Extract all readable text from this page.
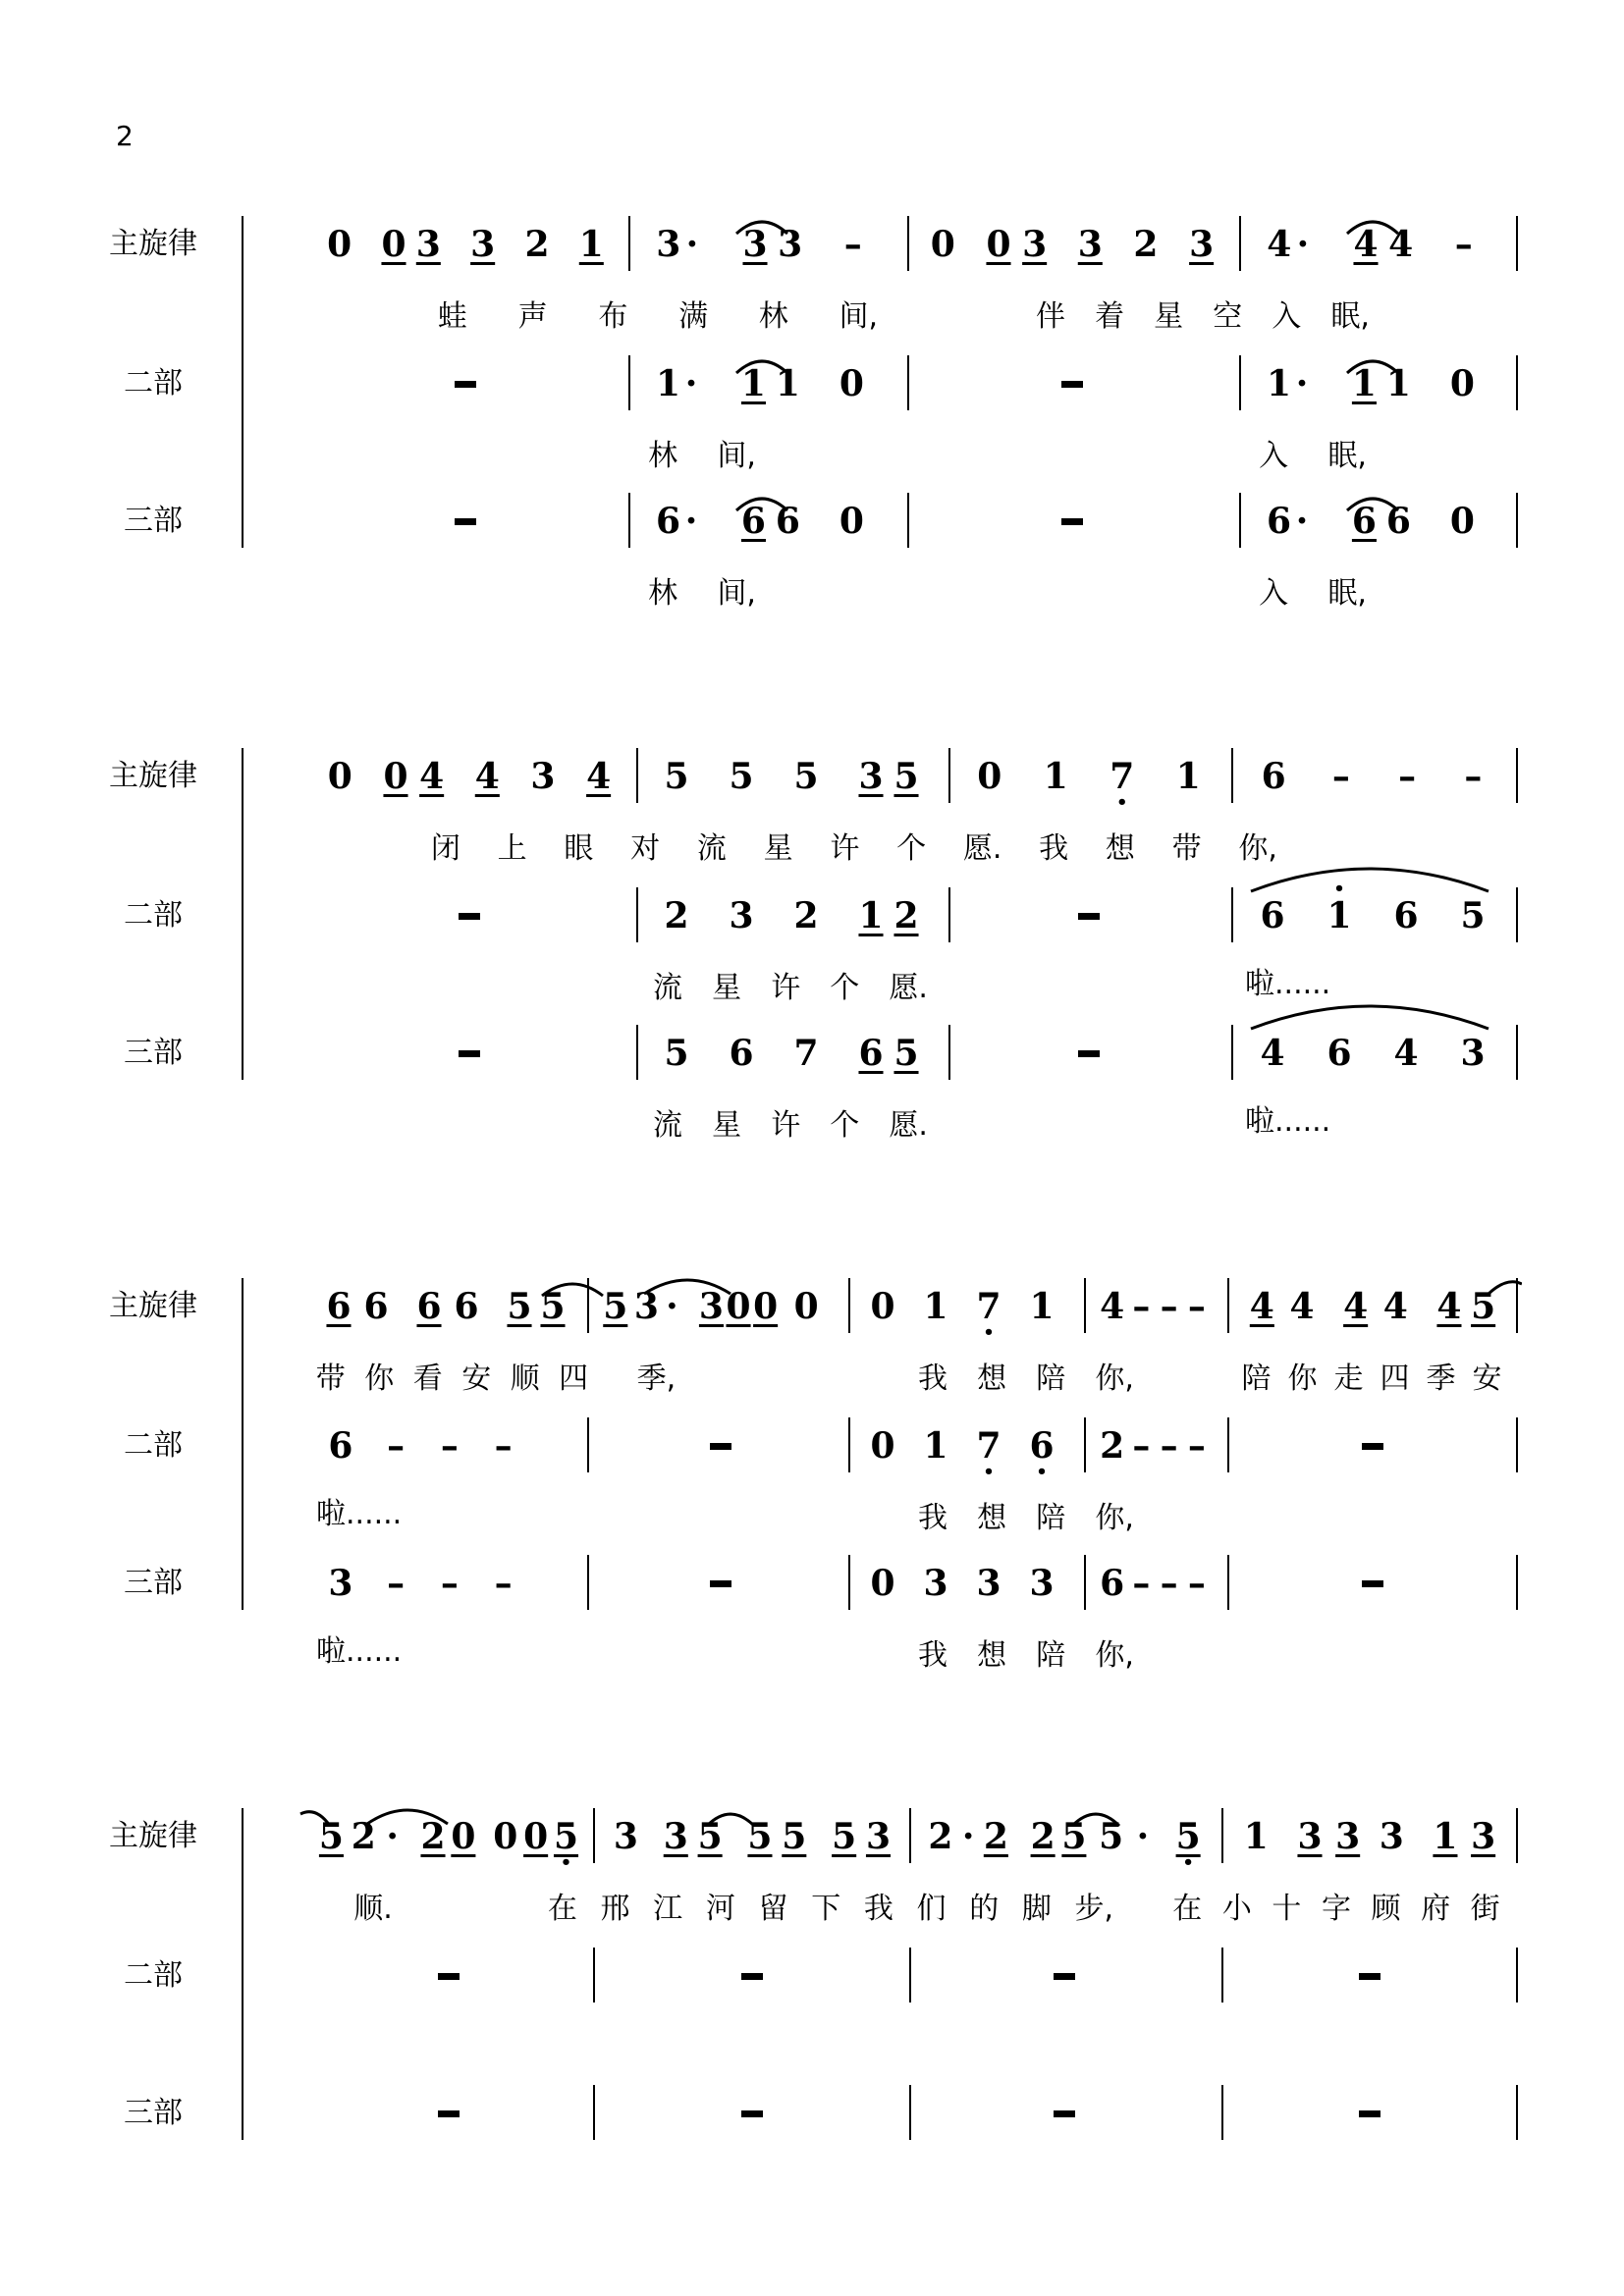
2
主旋律	0 0 3 3 2 1 3 · 3 3 – 0 0 3 3 2 3 4 · 4 4 –
蛙 声 布 满 林 间,	伴 着 星 空 入 眠,
二部	1 · 1 1 0	1 · 1 1 0
林 间,	入 眠,
三部	6 · 6 6 0	6 · 6 6 0
林 间,	入 眠,
主旋律	0 0 4 4 3 4 5 5 5 3 5 0 1 7
• 1 6 – – –
闭 上 眼 对 流 星 许 个 愿. 我 想 带 你,
二部	2 3 2 1 2	6
• 1 6 5
流 星 许 个 愿.	啦......
三部	5 6 7 6 5	4 6 4 3
流 星 许 个 愿.	啦......
主旋律	6 6 6 6 5 5 5 3 · 3 0 0 0 0 1 7
• 1 4 – – – 4 4 4 4 4 5
带 你 看 安 顺 四 季,	我 想 陪 你,	陪 你 走 四 季 安
二部	6 – – –	0 1 7
• 6
• 2 – – –
啦......	我 想 陪 你,
三部	3 – – –	0 3 3 3 6 – – –
啦......	我 想 陪 你,
主旋律	5 2 · 2 0 0 0 5
• 3 3 5 5 5 5 3 2 · 2 2 5 5 · 5
• 1 3 3 3 1 3
顺.	在 邢 江 河 留 下 我 们 的 脚 步, 在 小 十 字 顾 府 街
二部
三部
